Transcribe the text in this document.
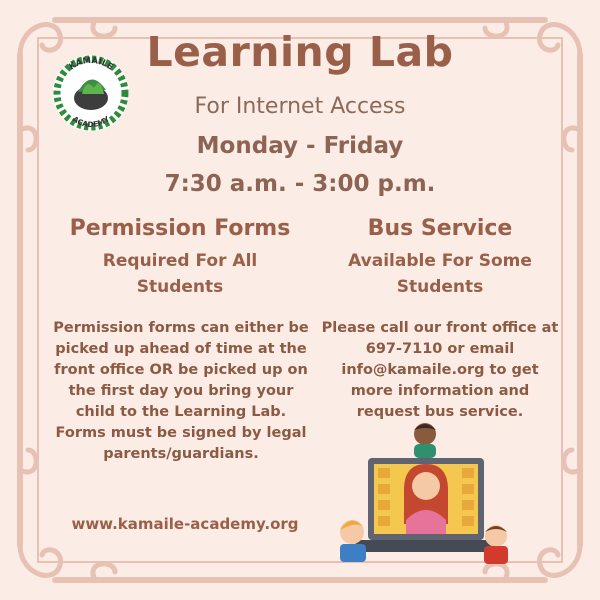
KAMAILE
ACADEMY
Learning Lab
For Internet Access
Monday - Friday
7:30 a.m. - 3:00 p.m.
Permission Forms
Required For All Students
Permission forms can either be picked up ahead of time at the front office OR be picked up on the first day you bring your child to the Learning Lab. Forms must be signed by legal parents/guardians.
Bus Service
Available For Some Students
Please call our front office at 697-7110 or email info@kamaile.org to get more information and request bus service.
www.kamaile-academy.org
